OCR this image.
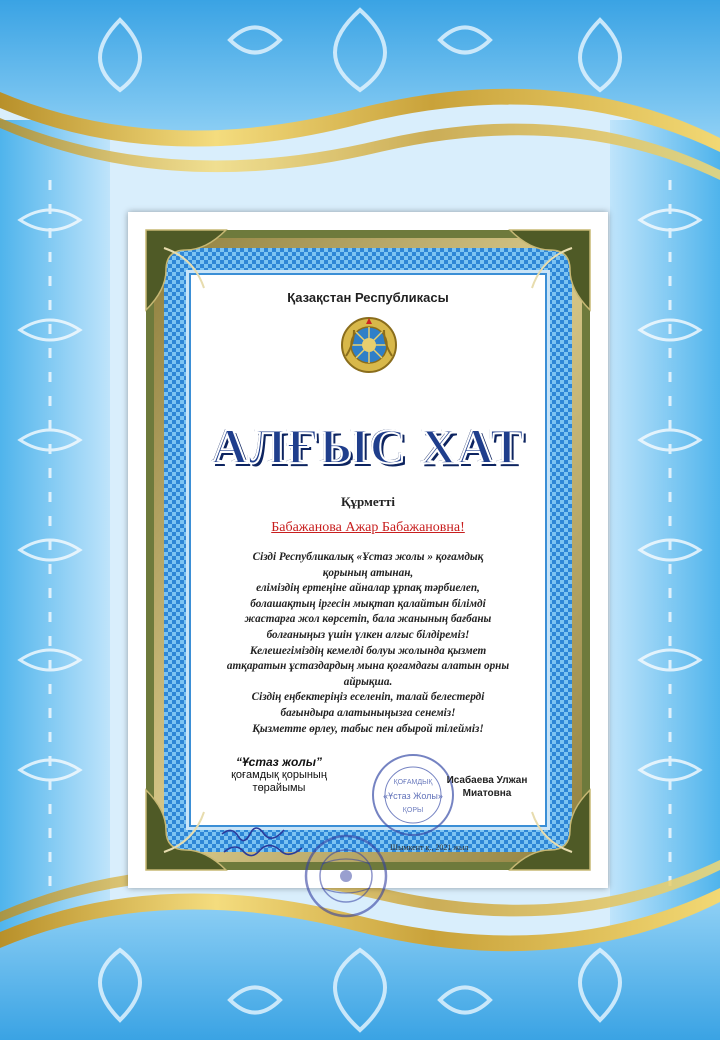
Қазақстан Республикасы
АЛҒЫС ХАТ
Құрметті
Бабажанова Ажар Бабажановна!
Сізді Республикалық «Ұстаз жолы » қоғамдық
қорының атынан,
еліміздің ертеңіне айналар ұрпақ тәрбиелеп,
болашақтың іргесін мықтап қалайтын білімді
жастарға жол көрсетіп, бала жанының бағбаны
болғаныңыз үшін үлкен алғыс білдіреміз!
Келешегіміздің кемелді болуы жолында қызмет
атқаратын ұстаздардың мына қоғамдағы алатын орны
айрықша.
Сіздің еңбектеріңіз еселеніп, талай белестерді
бағындыра алатыныңызға сенеміз!
Қызметте өрлеу, табыс пен абырой тілейміз!
ҚОҒАМДЫҚ
«Ұстаз Жолы»
ҚОРЫ
“Ұстаз жолы”
қоғамдық қорының
төрайымы
Исабаева Улжан
Миатовна
Шымкент қ., 2021 жыл
